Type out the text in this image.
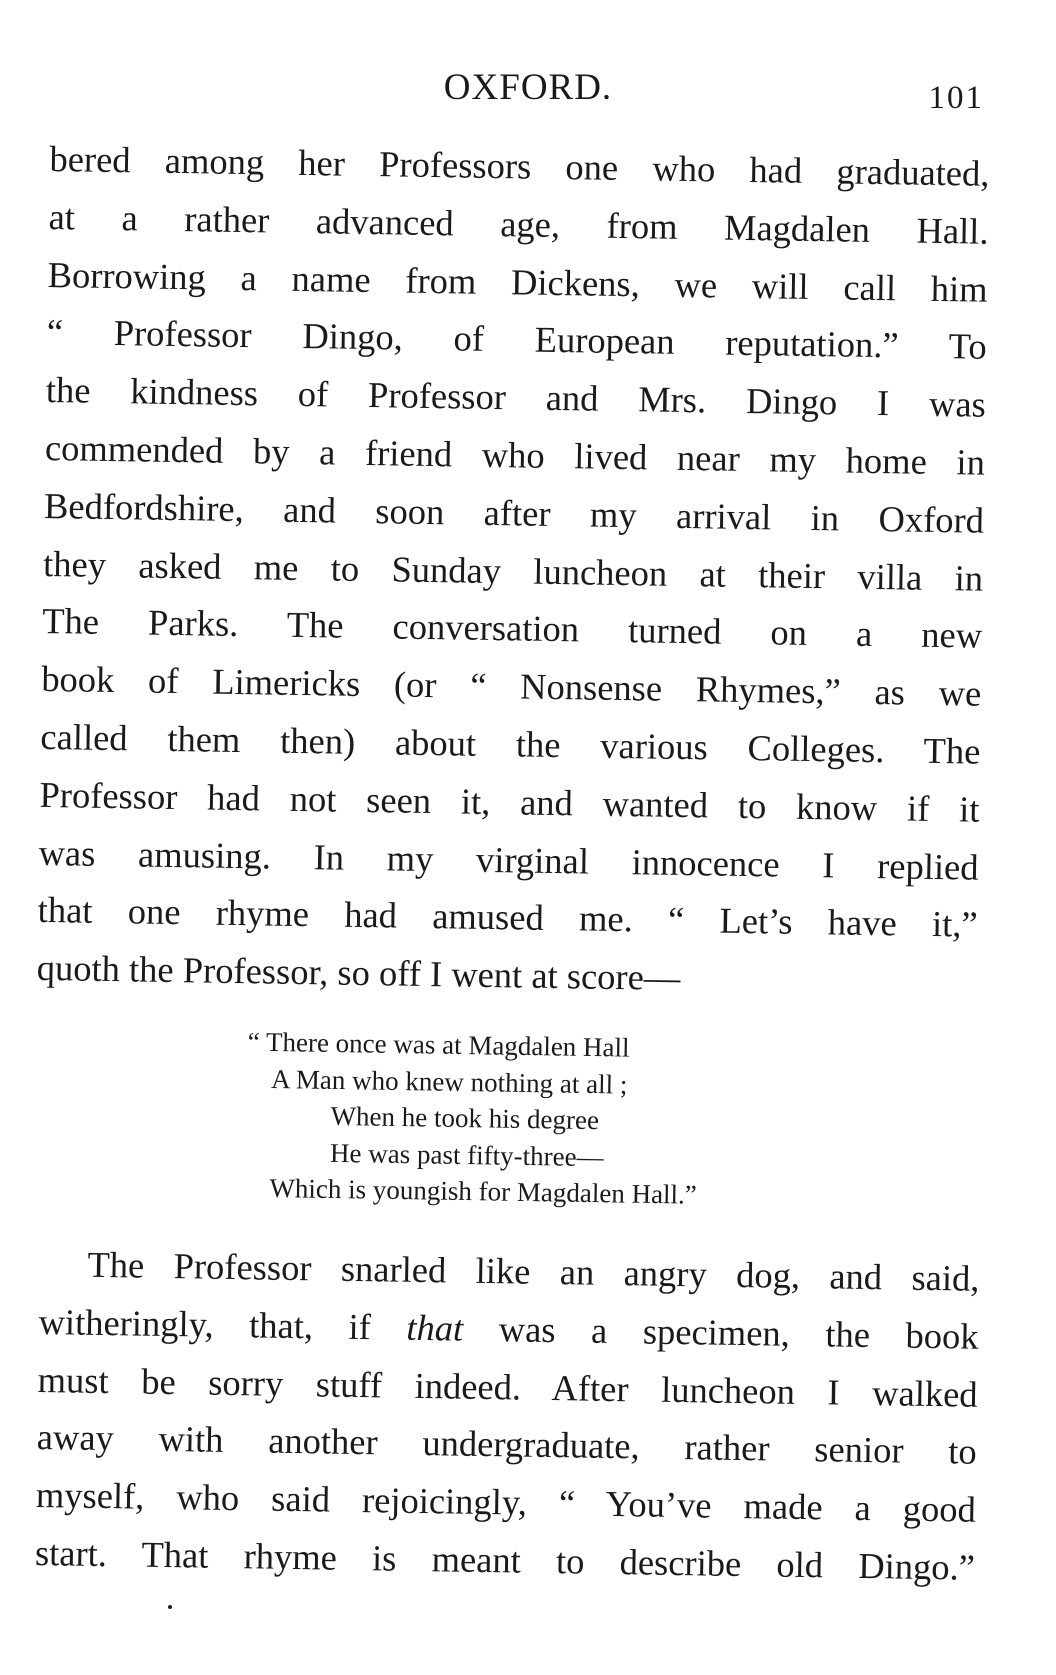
OXFORD.	101
bered among her Professors one who had graduated,
at a rather advanced age, from Magdalen Hall.
Borrowing a name from Dickens, we will call him
“ Professor Dingo, of European reputation.” To
the kindness of Professor and Mrs. Dingo I was
commended by a friend who lived near my home in
Bedfordshire, and soon after my arrival in Oxford
they asked me to Sunday luncheon at their villa in
The Parks. The conversation turned on a new
book of Limericks (or “ Nonsense Rhymes,” as we
called them then) about the various Colleges. The
Professor had not seen it, and wanted to know if it
was amusing. In my virginal innocence I replied
that one rhyme had amused me. “ Let’s have it,”
quoth the Professor, so off I went at score—
“ There once was at Magdalen Hall
A Man who knew nothing at all ;
When he took his degree
He was past fifty-three—
Which is youngish for Magdalen Hall.”
The Professor snarled like an angry dog, and said,
witheringly, that, if that was a specimen, the book
must be sorry stuff indeed. After luncheon I walked
away with another undergraduate, rather senior to
myself, who said rejoicingly, “ You’ve made a good
start. That rhyme is meant to describe old Dingo.”
